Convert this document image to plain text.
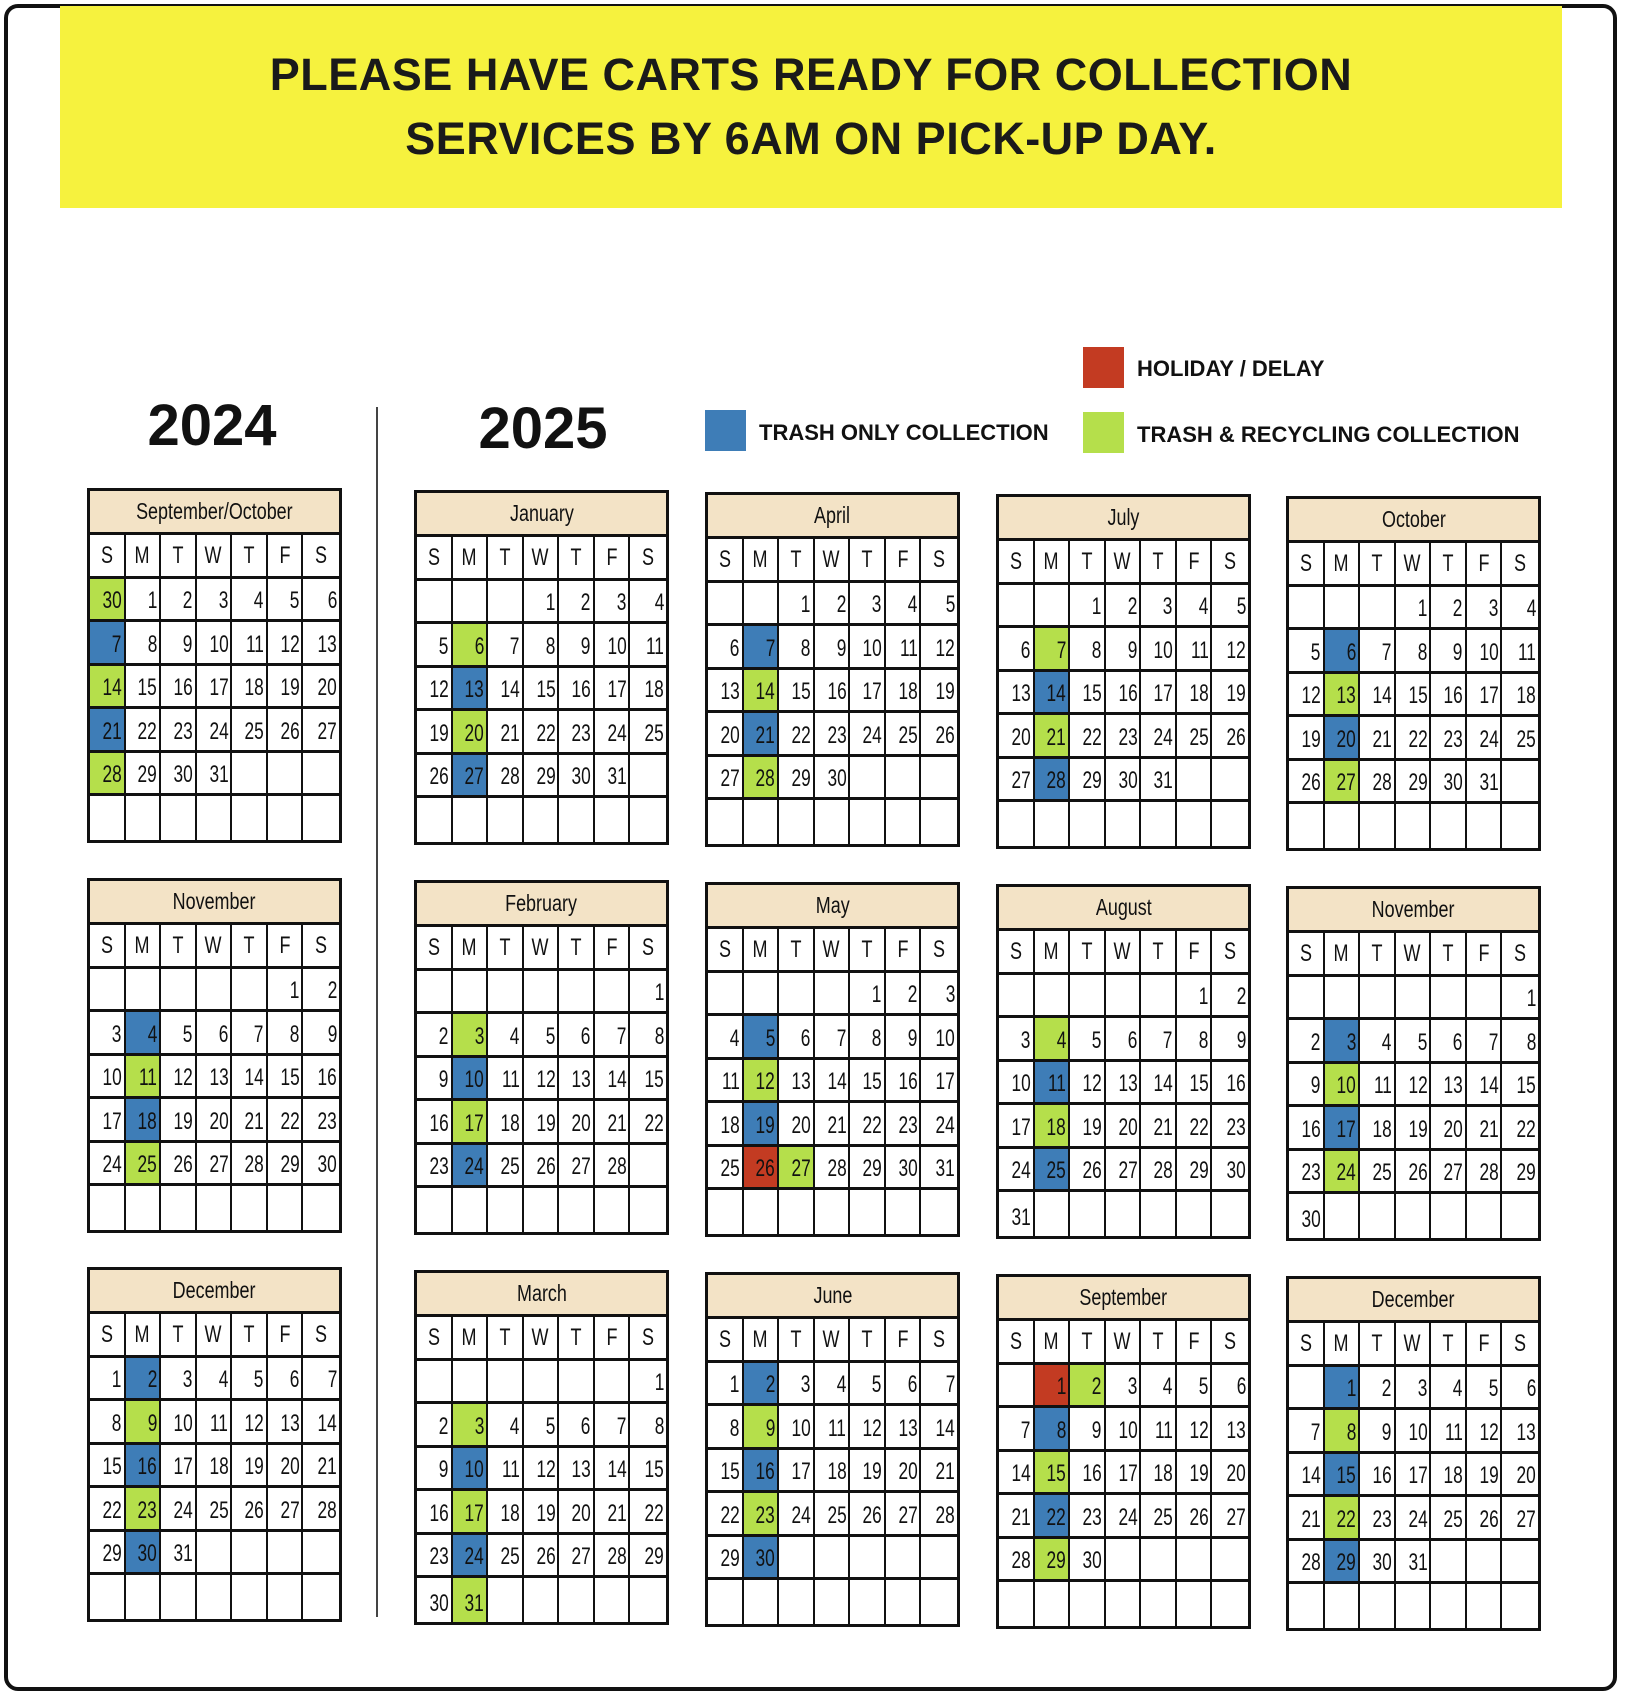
PLEASE HAVE CARTS READY FOR COLLECTION
SERVICES BY 6AM ON PICK-UP DAY.
2024	2025
HOLIDAY / DELAY
TRASH ONLY COLLECTION	TRASH & RECYCLING COLLECTION
September/October
S M T W T F S
30 1 2 3 4 5 6
7 8 9 10 11 12 13
14 15 16 17 18 19 20
21 22 23 24 25 26 27
28 29 30 31
November
S M T W T F S
1 2
3 4 5 6 7 8 9
10 11 12 13 14 15 16
17 18 19 20 21 22 23
24 25 26 27 28 29 30
December
S M T W T F S
1 2 3 4 5 6 7
8 9 10 11 12 13 14
15 16 17 18 19 20 21
22 23 24 25 26 27 28
29 30 31
January
S M T W T F S
1 2 3 4
5 6 7 8 9 10 11
12 13 14 15 16 17 18
19 20 21 22 23 24 25
26 27 28 29 30 31
February
S M T W T F S
1
2 3 4 5 6 7 8
9 10 11 12 13 14 15
16 17 18 19 20 21 22
23 24 25 26 27 28
March
S M T W T F S
1
2 3 4 5 6 7 8
9 10 11 12 13 14 15
16 17 18 19 20 21 22
23 24 25 26 27 28 29
30 31
April
S M T W T F S
1 2 3 4 5
6 7 8 9 10 11 12
13 14 15 16 17 18 19
20 21 22 23 24 25 26
27 28 29 30
May
S M T W T F S
1 2 3
4 5 6 7 8 9 10
11 12 13 14 15 16 17
18 19 20 21 22 23 24
25 26 27 28 29 30 31
June
S M T W T F S
1 2 3 4 5 6 7
8 9 10 11 12 13 14
15 16 17 18 19 20 21
22 23 24 25 26 27 28
29 30
July
S M T W T F S
1 2 3 4 5
6 7 8 9 10 11 12
13 14 15 16 17 18 19
20 21 22 23 24 25 26
27 28 29 30 31
August
S M T W T F S
1 2
3 4 5 6 7 8 9
10 11 12 13 14 15 16
17 18 19 20 21 22 23
24 25 26 27 28 29 30
31
September
S M T W T F S
1 2 3 4 5 6
7 8 9 10 11 12 13
14 15 16 17 18 19 20
21 22 23 24 25 26 27
28 29 30
October
S M T W T F S
1 2 3 4
5 6 7 8 9 10 11
12 13 14 15 16 17 18
19 20 21 22 23 24 25
26 27 28 29 30 31
November
S M T W T F S
1
2 3 4 5 6 7 8
9 10 11 12 13 14 15
16 17 18 19 20 21 22
23 24 25 26 27 28 29
30
December
S M T W T F S
1 2 3 4 5 6
7 8 9 10 11 12 13
14 15 16 17 18 19 20
21 22 23 24 25 26 27
28 29 30 31
